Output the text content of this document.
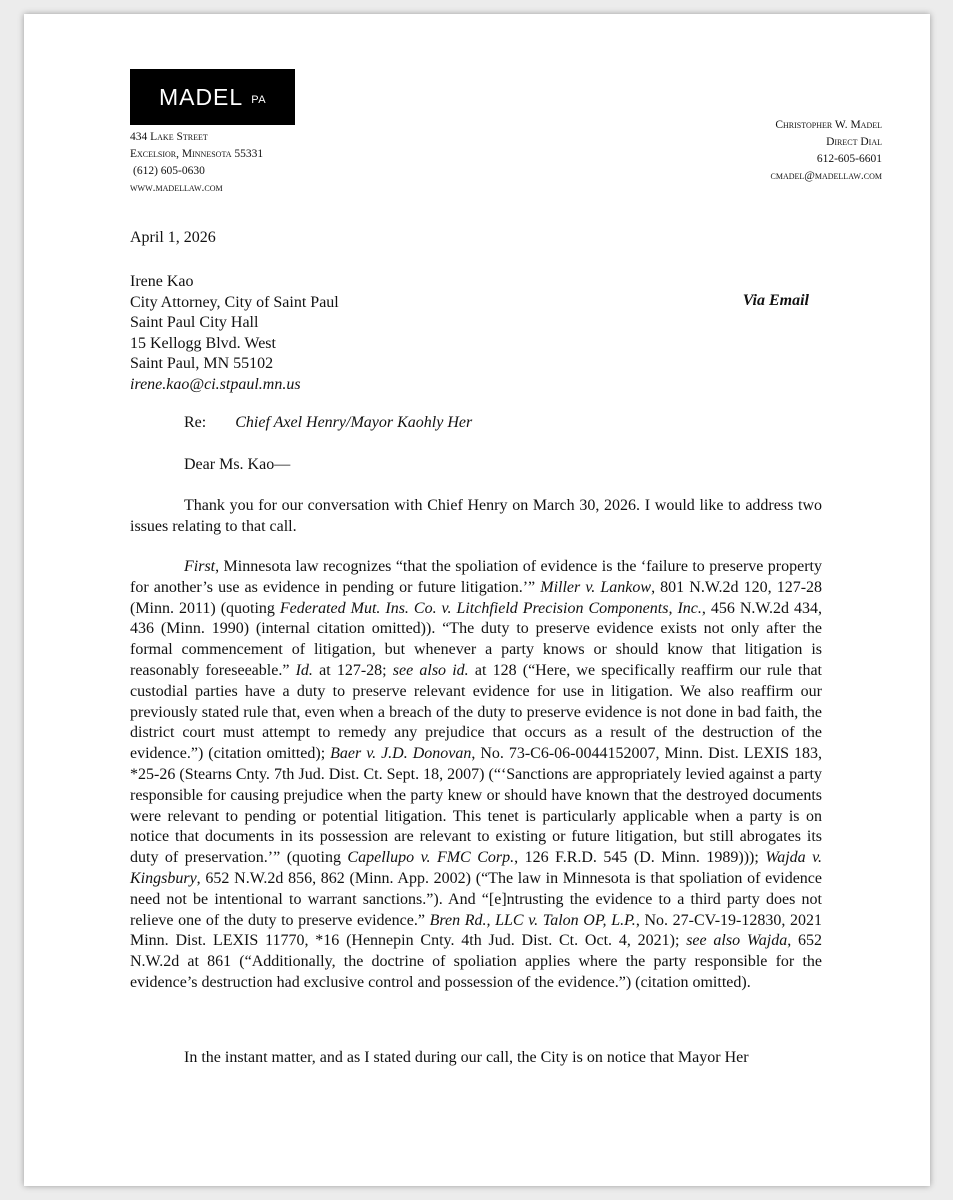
MADEL PA
434 Lake Street
Excelsior, Minnesota 55331
(612) 605-0630
www.madellaw.com
Christopher W. Madel
Direct Dial
612-605-6601
cmadel@madellaw.com
April 1, 2026
Irene Kao
City Attorney, City of Saint Paul
Saint Paul City Hall
15 Kellogg Blvd. West
Saint Paul, MN 55102
irene.kao@ci.stpaul.mn.us
Via Email
Re: Chief Axel Henry/Mayor Kaohly Her
Dear Ms. Kao—

Thank you for our conversation with Chief Henry on March 30, 2026. I would like to address two issues relating to that call.

First, Minnesota law recognizes “that the spoliation of evidence is the ‘failure to preserve property for another’s use as evidence in pending or future litigation.’” Miller v. Lankow, 801 N.W.2d 120, 127-28 (Minn. 2011) (quoting Federated Mut. Ins. Co. v. Litchfield Precision Components, Inc., 456 N.W.2d 434, 436 (Minn. 1990) (internal citation omitted)). “The duty to preserve evidence exists not only after the formal commencement of litigation, but whenever a party knows or should know that litigation is reasonably foreseeable.” Id. at 127-28; see also id. at 128 (“Here, we specifically reaffirm our rule that custodial parties have a duty to preserve relevant evidence for use in litigation. We also reaffirm our previously stated rule that, even when a breach of the duty to preserve evidence is not done in bad faith, the district court must attempt to remedy any prejudice that occurs as a result of the destruction of the evidence.”) (citation omitted); Baer v. J.D. Donovan, No. 73-C6-06-0044152007, Minn. Dist. LEXIS 183, *25-26 (Stearns Cnty. 7th Jud. Dist. Ct. Sept. 18, 2007) (“‘Sanctions are appropriately levied against a party responsible for causing prejudice when the party knew or should have known that the destroyed documents were relevant to pending or potential litigation. This tenet is particularly applicable when a party is on notice that documents in its possession are relevant to existing or future litigation, but still abrogates its duty of preservation.’” (quoting Capellupo v. FMC Corp., 126 F.R.D. 545 (D. Minn. 1989))); Wajda v. Kingsbury, 652 N.W.2d 856, 862 (Minn. App. 2002) (“The law in Minnesota is that spoliation of evidence need not be intentional to warrant sanctions.”). And “[e]ntrusting the evidence to a third party does not relieve one of the duty to preserve evidence.” Bren Rd., LLC v. Talon OP, L.P., No. 27-CV-19-12830, 2021 Minn. Dist. LEXIS 11770, *16 (Hennepin Cnty. 4th Jud. Dist. Ct. Oct. 4, 2021); see also Wajda, 652 N.W.2d at 861 (“Additionally, the doctrine of spoliation applies where the party responsible for the evidence’s destruction had exclusive control and possession of the evidence.”) (citation omitted).

In the instant matter, and as I stated during our call, the City is on notice that Mayor Her
